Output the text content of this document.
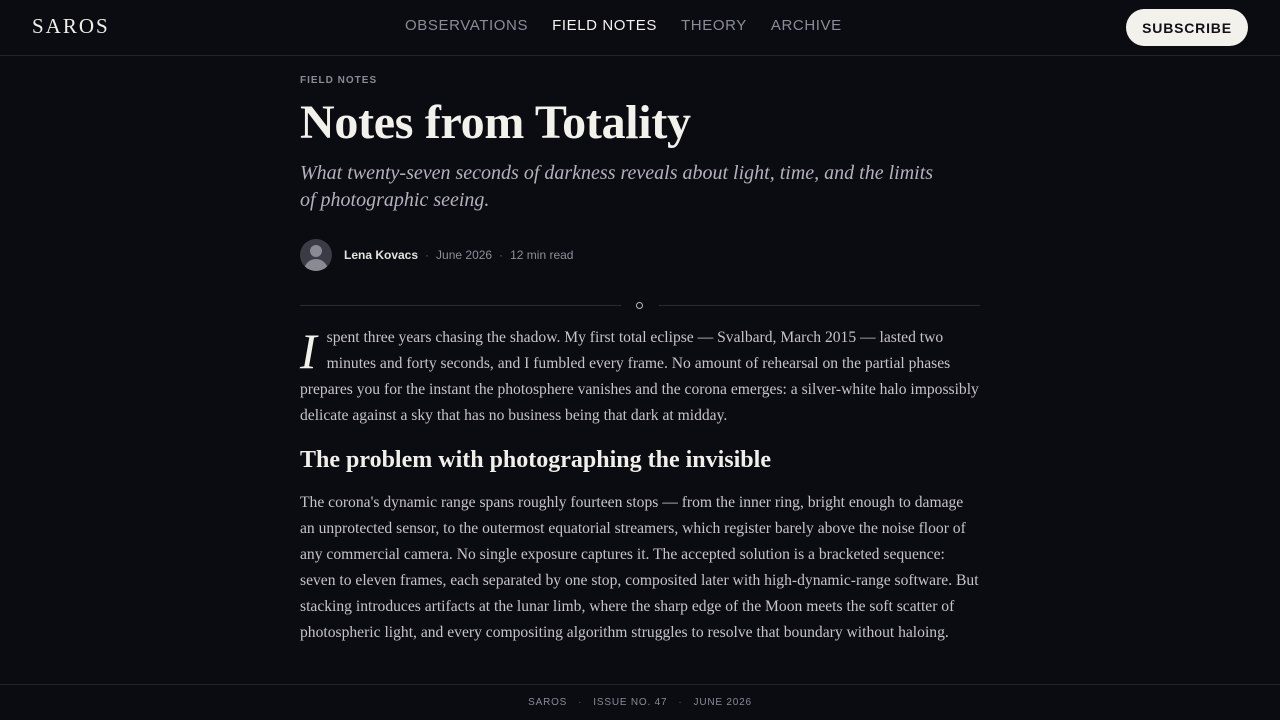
SAROS	OBSERVATIONS FIELD NOTES THEORY ARCHIVE	SUBSCRIBE
FIELD NOTES
Notes from Totality

What twenty-seven seconds of darkness reveals about light, time, and the limits of photographic seeing.

Lena Kovacs · June 2026 · 12 min read

I spent three years chasing the shadow. My first total eclipse — Svalbard, March 2015 — lasted two minutes and forty seconds, and I fumbled every frame. No amount of rehearsal on the partial phases prepares you for the instant the photosphere vanishes and the corona emerges: a silver-white halo impossibly delicate against a sky that has no business being that dark at midday.

The problem with photographing the invisible

The corona's dynamic range spans roughly fourteen stops — from the inner ring, bright enough to damage an unprotected sensor, to the outermost equatorial streamers, which register barely above the noise floor of any commercial camera. No single exposure captures it. The accepted solution is a bracketed sequence: seven to eleven frames, each separated by one stop, composited later with high-dynamic-range software. But stacking introduces artifacts at the lunar limb, where the sharp edge of the Moon meets the soft scatter of photospheric light, and every compositing algorithm struggles to resolve that boundary without haloing.

SAROS · ISSUE NO. 47 · JUNE 2026
